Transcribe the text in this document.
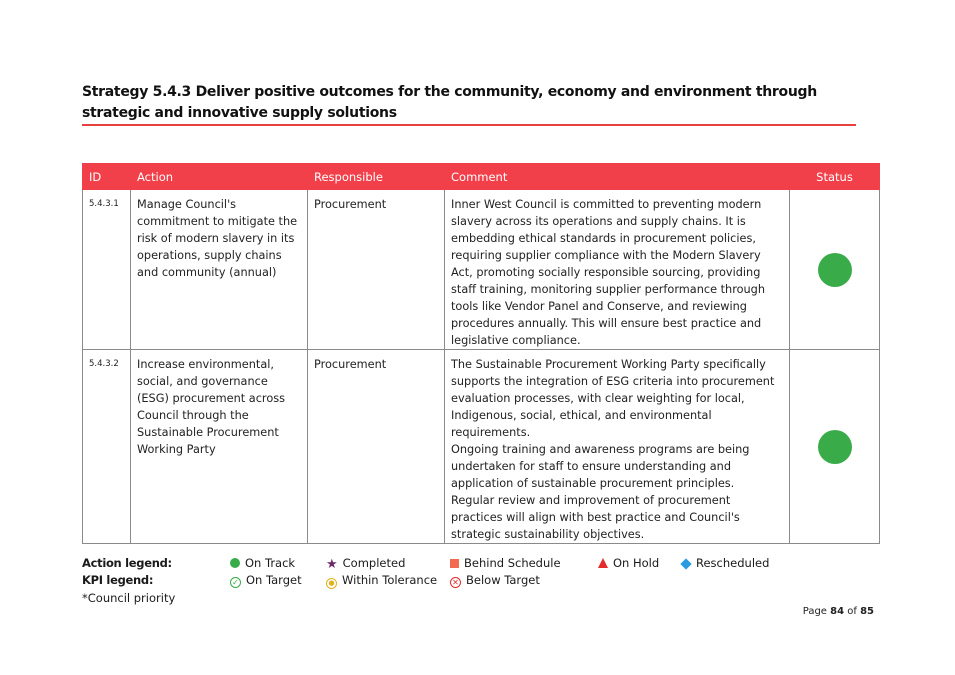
Strategy 5.4.3 Deliver positive outcomes for the community, economy and environment through strategic and innovative supply solutions
ID	Action	Responsible	Comment	Status
5.4.3.1	Manage Council's commitment to mitigate the risk of modern slavery in its operations, supply chains and community (annual)	Procurement	Inner West Council is committed to preventing modern slavery across its operations and supply chains. It is embedding ethical standards in procurement policies, requiring supplier compliance with the Modern Slavery Act, promoting socially responsible sourcing, providing staff training, monitoring supplier performance through tools like Vendor Panel and Conserve, and reviewing procedures annually. This will ensure best practice and legislative compliance.	

5.4.3.2	Increase environmental, social, and governance (ESG) procurement across Council through the Sustainable Procurement Working Party	Procurement	The Sustainable Procurement Working Party specifically supports the integration of ESG criteria into procurement evaluation processes, with clear weighting for local, Indigenous, social, ethical, and environmental requirements.
Ongoing training and awareness programs are being undertaken for staff to ensure understanding and application of sustainable procurement principles.
Regular review and improvement of procurement practices will align with best practice and Council's strategic sustainability objectives.	

Action legend:
KPI legend:
On Track ★ Completed	Behind Schedule	On Hold	Rescheduled
✓ On Target	● Within Tolerance ✕ Below Target
*Council priority
Page 84 of 85
